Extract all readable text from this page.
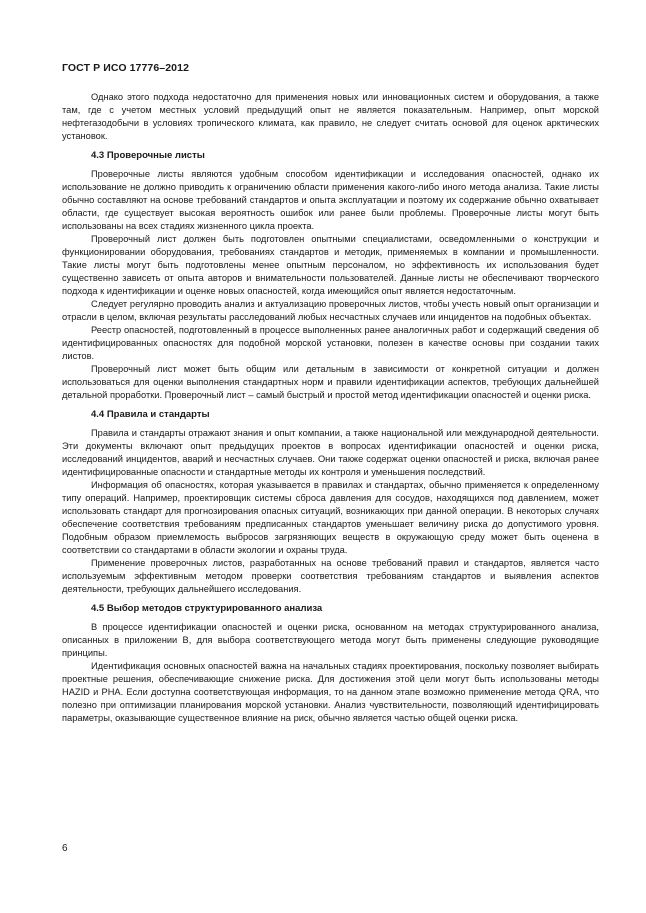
ГОСТ Р ИСО 17776–2012

Однако этого подхода недостаточно для применения новых или инновационных систем и оборудования, а также там, где с учетом местных условий предыдущий опыт не является показательным. Например, опыт морской нефтегазодобычи в условиях тропического климата, как правило, не следует считать основой для оценок арктических установок.

4.3 Проверочные листы

Проверочные листы являются удобным способом идентификации и исследования опасностей, однако их использование не должно приводить к ограничению области применения какого-либо иного метода анализа. Такие листы обычно составляют на основе требований стандартов и опыта эксплуатации и поэтому их содержание обычно охватывает области, где существует высокая вероятность ошибок или ранее были проблемы. Проверочные листы могут быть использованы на всех стадиях жизненного цикла проекта.

Проверочный лист должен быть подготовлен опытными специалистами, осведомленными о конструкции и функционировании оборудования, требованиях стандартов и методик, применяемых в компании и промышленности. Такие листы могут быть подготовлены менее опытным персоналом, но эффективность их использования будет существенно зависеть от опыта авторов и внимательности пользователей. Данные листы не обеспечивают творческого подхода к идентификации и оценке новых опасностей, когда имеющийся опыт является недостаточным.

Следует регулярно проводить анализ и актуализацию проверочных листов, чтобы учесть новый опыт организации и отрасли в целом, включая результаты расследований любых несчастных случаев или инцидентов на подобных объектах.

Реестр опасностей, подготовленный в процессе выполненных ранее аналогичных работ и содержащий сведения об идентифицированных опасностях для подобной морской установки, полезен в качестве основы при создании таких листов.

Проверочный лист может быть общим или детальным в зависимости от конкретной ситуации и должен использоваться для оценки выполнения стандартных норм и правили идентификации аспектов, требующих дальнейшей детальной проработки. Проверочный лист – самый быстрый и простой метод идентификации опасностей и оценки риска.

4.4 Правила и стандарты

Правила и стандарты отражают знания и опыт компании, а также национальной или международной деятельности. Эти документы включают опыт предыдущих проектов в вопросах идентификации опасностей и оценки риска, исследований инцидентов, аварий и несчастных случаев. Они также содержат оценки опасностей и риска, включая ранее идентифицированные опасности и стандартные методы их контроля и уменьшения последствий.

Информация об опасностях, которая указывается в правилах и стандартах, обычно применяется к определенному типу операций. Например, проектировщик системы сброса давления для сосудов, находящихся под давлением, может использовать стандарт для прогнозирования опасных ситуаций, возникающих при данной операции. В некоторых случаях обеспечение соответствия требованиям предписанных стандартов уменьшает величину риска до допустимого уровня. Подобным образом приемлемость выбросов загрязняющих веществ в окружающую среду может быть оценена в соответствии со стандартами в области экологии и охраны труда.

Применение проверочных листов, разработанных на основе требований правил и стандартов, является часто используемым эффективным методом проверки соответствия требованиям стандартов и выявления аспектов деятельности, требующих дальнейшего исследования.

4.5 Выбор методов структурированного анализа

В процессе идентификации опасностей и оценки риска, основанном на методах структурированного анализа, описанных в приложении В, для выбора соответствующего метода могут быть применены следующие руководящие принципы.

Идентификация основных опасностей важна на начальных стадиях проектирования, поскольку позволяет выбирать проектные решения, обеспечивающие снижение риска. Для достижения этой цели могут быть использованы методы HAZID и PHA. Если доступна соответствующая информация, то на данном этапе возможно применение метода QRA, что полезно при оптимизации планирования морской установки. Анализ чувствительности, позволяющий идентифицировать параметры, оказывающие существенное влияние на риск, обычно является частью общей оценки риска.

6
